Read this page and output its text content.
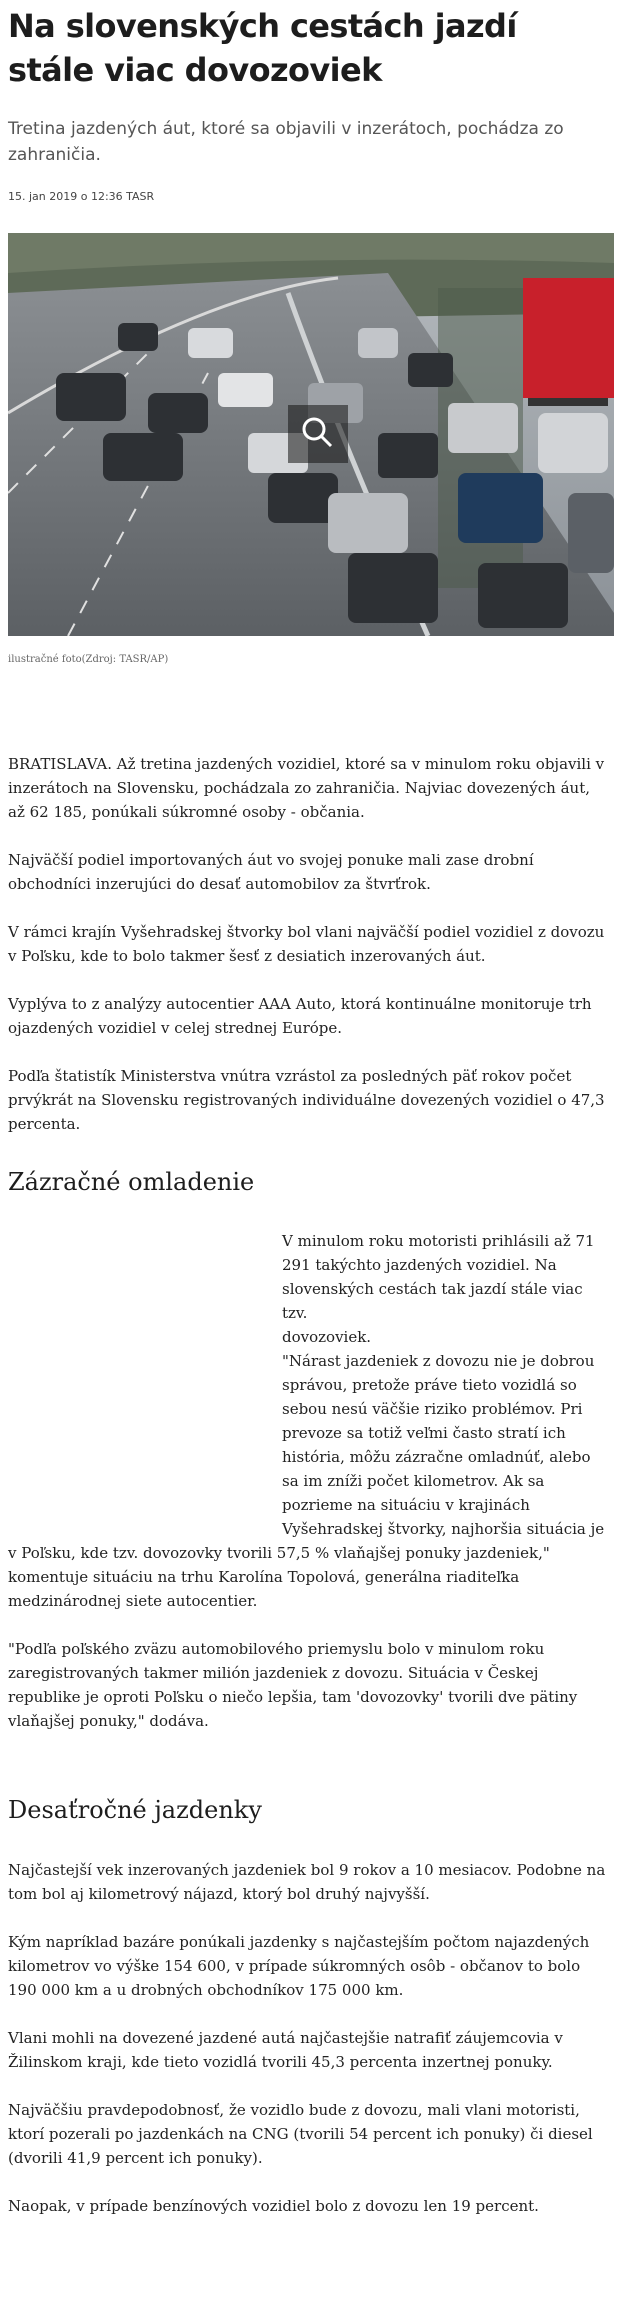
Na slovenských cestách jazdí stále viac dovozoviek

Tretina jazdených áut, ktoré sa objavili v inzerátoch, pochádza zo zahraničia.

15. jan 2019 o 12:36 TASR

ilustračné foto(Zdroj: TASR/AP)

BRATISLAVA. Až tretina jazdených vozidiel, ktoré sa v minulom roku objavili v inzerátoch na Slovensku, pochádzala zo zahraničia. Najviac dovezených áut, až 62 185, ponúkali súkromné osoby - občania.

Najväčší podiel importovaných áut vo svojej ponuke mali zase drobní obchodníci inzerujúci do desať automobilov za štvrťrok.

V rámci krajín Vyšehradskej štvorky bol vlani najväčší podiel vozidiel z dovozu v Poľsku, kde to bolo takmer šesť z desiatich inzerovaných áut.

Vyplýva to z analýzy autocentier AAA Auto, ktorá kontinuálne monitoruje trh ojazdených vozidiel v celej strednej Európe.

Podľa štatistík Ministerstva vnútra vzrástol za posledných päť rokov počet prvýkrát na Slovensku registrovaných individuálne dovezených vozidiel o 47,3 percenta.

Zázračné omladenie
V minulom roku motoristi prihlásili až 71
291 takýchto jazdených vozidiel. Na
slovenských cestách tak jazdí stále viac tzv.
dovozoviek.
"Nárast jazdeniek z dovozu nie je dobrou
správou, pretože práve tieto vozidlá so
sebou nesú väčšie riziko problémov. Pri
prevoze sa totiž veľmi často stratí ich
história, môžu zázračne omladnúť, alebo
sa im zníži počet kilometrov. Ak sa
pozrieme na situáciu v krajinách
Vyšehradskej štvorky, najhoršia situácia je
v Poľsku, kde tzv. dovozovky tvorili 57,5 % vlaňajšej ponuky jazdeniek,"
komentuje situáciu na trhu Karolína Topolová, generálna riaditeľka
medzinárodnej siete autocentier.

"Podľa poľského zväzu automobilového priemyslu bolo v minulom roku zaregistrovaných takmer milión jazdeniek z dovozu. Situácia v Českej republike je oproti Poľsku o niečo lepšia, tam 'dovozovky' tvorili dve pätiny vlaňajšej ponuky," dodáva.

Desaťročné jazdenky

Najčastejší vek inzerovaných jazdeniek bol 9 rokov a 10 mesiacov. Podobne na tom bol aj kilometrový nájazd, ktorý bol druhý najvyšší.

Kým napríklad bazáre ponúkali jazdenky s najčastejším počtom najazdených kilometrov vo výške 154 600, v prípade súkromných osôb - občanov to bolo 190 000 km a u drobných obchodníkov 175 000 km.

Vlani mohli na dovezené jazdené autá najčastejšie natrafiť záujemcovia v Žilinskom kraji, kde tieto vozidlá tvorili 45,3 percenta inzertnej ponuky.

Najväčšiu pravdepodobnosť, že vozidlo bude z dovozu, mali vlani motoristi, ktorí pozerali po jazdenkách na CNG (tvorili 54 percent ich ponuky) či diesel (dvorili 41,9 percent ich ponuky).

Naopak, v prípade benzínových vozidiel bolo z dovozu len 19 percent.
